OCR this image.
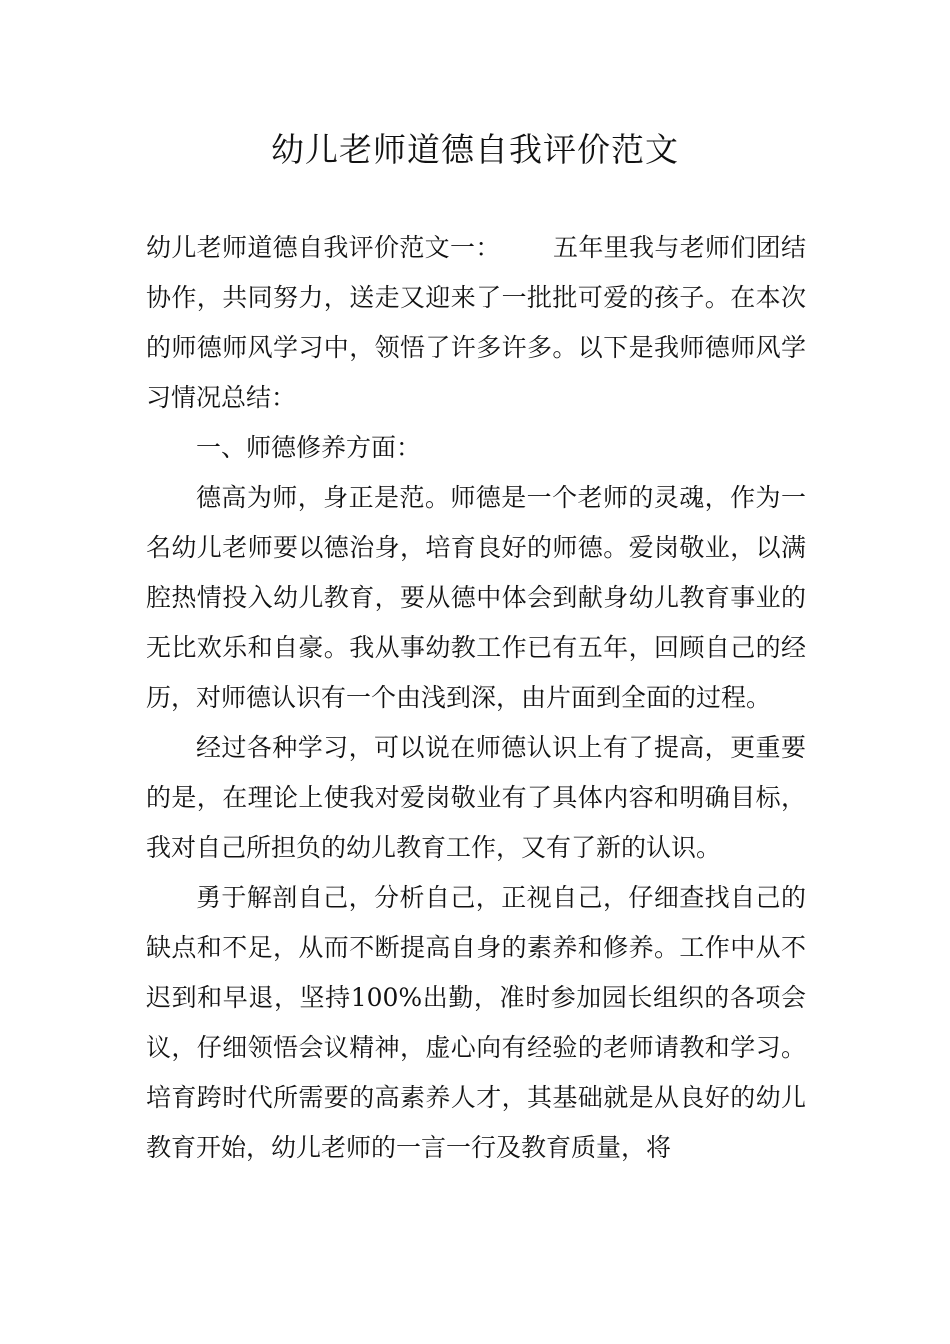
幼儿老师道德自我评价范文

幼儿老师道德自我评价范文一： 五年里我与老师们团结协作，共同努力，送走又迎来了一批批可爱的孩子。在本次的师德师风学习中，领悟了许多许多。以下是我师德师风学习情况总结：

一、师德修养方面：

德高为师，身正是范。师德是一个老师的灵魂，作为一名幼儿老师要以德治身，培育良好的师德。爱岗敬业，以满腔热情投入幼儿教育，要从德中体会到献身幼儿教育事业的无比欢乐和自豪。我从事幼教工作已有五年，回顾自己的经历，对师德认识有一个由浅到深，由片面到全面的过程。

经过各种学习，可以说在师德认识上有了提高，更重要的是，在理论上使我对爱岗敬业有了具体内容和明确目标，我对自己所担负的幼儿教育工作，又有了新的认识。

勇于解剖自己，分析自己，正视自己，仔细查找自己的缺点和不足，从而不断提高自身的素养和修养。工作中从不迟到和早退，坚持100%出勤，准时参加园长组织的各项会议，仔细领悟会议精神，虚心向有经验的老师请教和学习。培育跨时代所需要的高素养人才，其基础就是从良好的幼儿教育开始，幼儿老师的一言一行及教育质量，将
